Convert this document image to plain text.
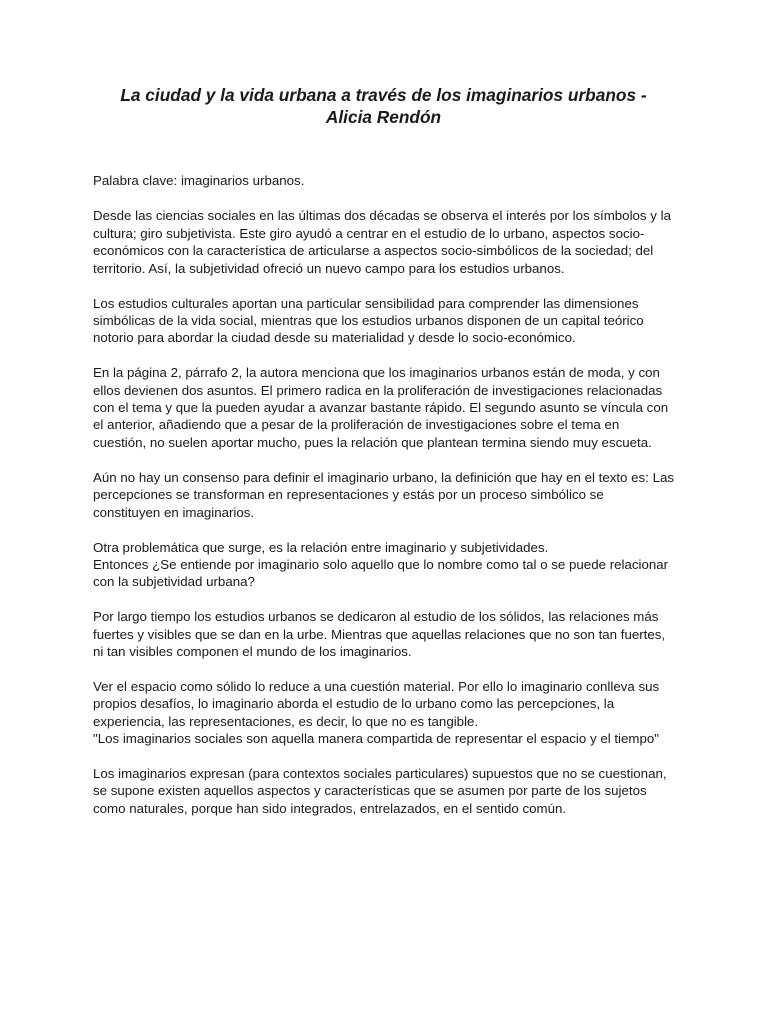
La ciudad y la vida urbana a través de los imaginarios urbanos - Alicia Rendón

Palabra clave: imaginarios urbanos.

Desde las ciencias sociales en las últimas dos décadas se observa el interés por los símbolos y la cultura; giro subjetivista. Este giro ayudó a centrar en el estudio de lo urbano, aspectos socio-económicos con la característica de articularse a aspectos socio-simbólicos de la sociedad; del territorio. Así, la subjetividad ofreció un nuevo campo para los estudios urbanos.

Los estudios culturales aportan una particular sensibilidad para comprender las dimensiones simbólicas de la vida social, mientras que los estudios urbanos disponen de un capital teórico notorio para abordar la ciudad desde su materialidad y desde lo socio-económico.

En la página 2, párrafo 2, la autora menciona que los imaginarios urbanos están de moda, y con ellos devienen dos asuntos. El primero radica en la proliferación de investigaciones relacionadas con el tema y que la pueden ayudar a avanzar bastante rápido. El segundo asunto se víncula con el anterior, añadiendo que a pesar de la proliferación de investigaciones sobre el tema en cuestión, no suelen aportar mucho, pues la relación que plantean termina siendo muy escueta.

Aún no hay un consenso para definir el imaginario urbano, la definición que hay en el texto es: Las percepciones se transforman en representaciones y estás por un proceso simbólico se constituyen en imaginarios.

Otra problemática que surge, es la relación entre imaginario y subjetividades.
Entonces ¿Se entiende por imaginario solo aquello que lo nombre como tal o se puede relacionar con la subjetividad urbana?

Por largo tiempo los estudios urbanos se dedicaron al estudio de los sólidos, las relaciones más fuertes y visibles que se dan en la urbe. Mientras que aquellas relaciones que no son tan fuertes, ni tan visibles componen el mundo de los imaginarios.

Ver el espacio como sólido lo reduce a una cuestión material. Por ello lo imaginario conlleva sus propios desafíos, lo imaginario aborda el estudio de lo urbano como las percepciones, la experiencia, las representaciones, es decir, lo que no es tangible.
"Los imaginarios sociales son aquella manera compartida de representar el espacio y el tiempo"

Los imaginarios expresan (para contextos sociales particulares) supuestos que no se cuestionan, se supone existen aquellos aspectos y características que se asumen por parte de los sujetos como naturales, porque han sido integrados, entrelazados, en el sentido común.
